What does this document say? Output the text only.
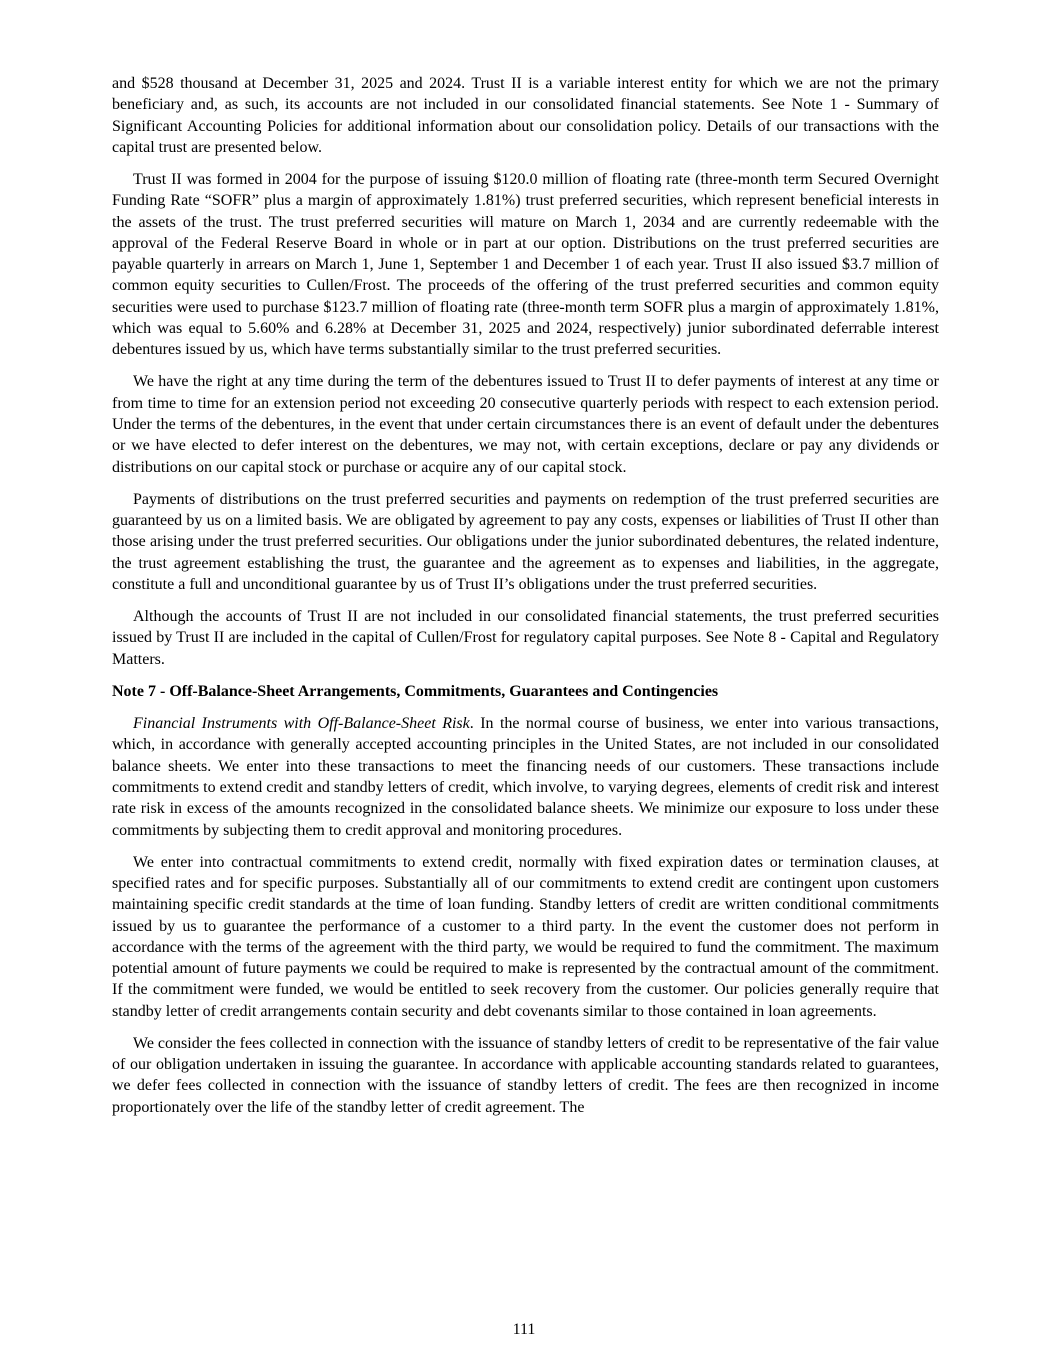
and $528 thousand at December 31, 2025 and 2024. Trust II is a variable interest entity for which we are not the primary beneficiary and, as such, its accounts are not included in our consolidated financial statements. See Note 1 - Summary of Significant Accounting Policies for additional information about our consolidation policy. Details of our transactions with the capital trust are presented below.

Trust II was formed in 2004 for the purpose of issuing $120.0 million of floating rate (three-month term Secured Overnight Funding Rate “SOFR” plus a margin of approximately 1.81%) trust preferred securities, which represent beneficial interests in the assets of the trust. The trust preferred securities will mature on March 1, 2034 and are currently redeemable with the approval of the Federal Reserve Board in whole or in part at our option. Distributions on the trust preferred securities are payable quarterly in arrears on March 1, June 1, September 1 and December 1 of each year. Trust II also issued $3.7 million of common equity securities to Cullen/Frost. The proceeds of the offering of the trust preferred securities and common equity securities were used to purchase $123.7 million of floating rate (three-month term SOFR plus a margin of approximately 1.81%, which was equal to 5.60% and 6.28% at December 31, 2025 and 2024, respectively) junior subordinated deferrable interest debentures issued by us, which have terms substantially similar to the trust preferred securities.

We have the right at any time during the term of the debentures issued to Trust II to defer payments of interest at any time or from time to time for an extension period not exceeding 20 consecutive quarterly periods with respect to each extension period. Under the terms of the debentures, in the event that under certain circumstances there is an event of default under the debentures or we have elected to defer interest on the debentures, we may not, with certain exceptions, declare or pay any dividends or distributions on our capital stock or purchase or acquire any of our capital stock.

Payments of distributions on the trust preferred securities and payments on redemption of the trust preferred securities are guaranteed by us on a limited basis. We are obligated by agreement to pay any costs, expenses or liabilities of Trust II other than those arising under the trust preferred securities. Our obligations under the junior subordinated debentures, the related indenture, the trust agreement establishing the trust, the guarantee and the agreement as to expenses and liabilities, in the aggregate, constitute a full and unconditional guarantee by us of Trust II’s obligations under the trust preferred securities.

Although the accounts of Trust II are not included in our consolidated financial statements, the trust preferred securities issued by Trust II are included in the capital of Cullen/Frost for regulatory capital purposes. See Note 8 - Capital and Regulatory Matters.

Note 7 - Off-Balance-Sheet Arrangements, Commitments, Guarantees and Contingencies

Financial Instruments with Off-Balance-Sheet Risk. In the normal course of business, we enter into various transactions, which, in accordance with generally accepted accounting principles in the United States, are not included in our consolidated balance sheets. We enter into these transactions to meet the financing needs of our customers. These transactions include commitments to extend credit and standby letters of credit, which involve, to varying degrees, elements of credit risk and interest rate risk in excess of the amounts recognized in the consolidated balance sheets. We minimize our exposure to loss under these commitments by subjecting them to credit approval and monitoring procedures.

We enter into contractual commitments to extend credit, normally with fixed expiration dates or termination clauses, at specified rates and for specific purposes. Substantially all of our commitments to extend credit are contingent upon customers maintaining specific credit standards at the time of loan funding. Standby letters of credit are written conditional commitments issued by us to guarantee the performance of a customer to a third party. In the event the customer does not perform in accordance with the terms of the agreement with the third party, we would be required to fund the commitment. The maximum potential amount of future payments we could be required to make is represented by the contractual amount of the commitment. If the commitment were funded, we would be entitled to seek recovery from the customer. Our policies generally require that standby letter of credit arrangements contain security and debt covenants similar to those contained in loan agreements.

We consider the fees collected in connection with the issuance of standby letters of credit to be representative of the fair value of our obligation undertaken in issuing the guarantee. In accordance with applicable accounting standards related to guarantees, we defer fees collected in connection with the issuance of standby letters of credit. The fees are then recognized in income proportionately over the life of the standby letter of credit agreement. The

111
